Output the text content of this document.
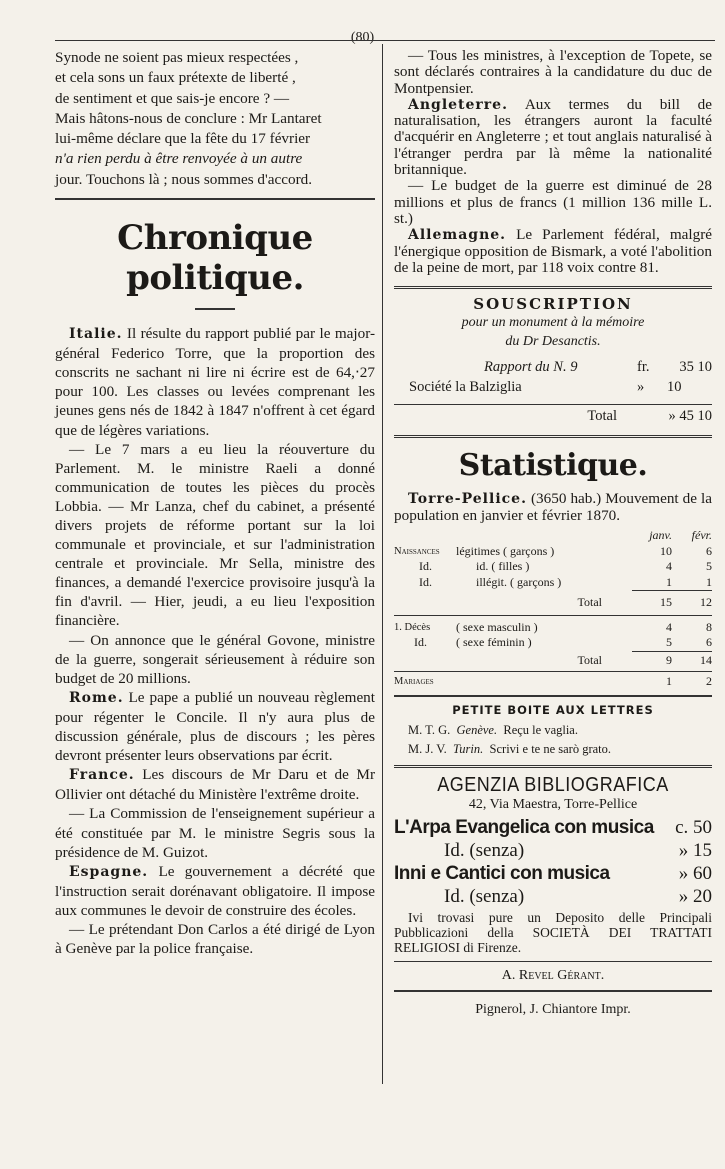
(80)
Synode ne soient pas mieux respectées ,
et cela sons un faux prétexte de liberté ,
de sentiment et que sais-je encore ? —
Mais hâtons-nous de conclure : Mr Lantaret
lui-même déclare que la fête du 17 février
n'a rien perdu à être renvoyée à un autre
jour. Touchons là ; nous sommes d'accord.
Chronique politique.

Italie. Il résulte du rapport publié par le major-général Federico Torre, que la proportion des conscrits ne sachant ni lire ni écrire est de 64,‧27 pour 100. Les classes ou levées comprenant les jeunes gens nés de 1842 à 1847 n'offrent à cet égard que de légères variations.

— Le 7 mars a eu lieu la réouverture du Parlement. M. le ministre Raeli a donné communication de toutes les pièces du procès Lobbia. — Mr Lanza, chef du cabinet, a présenté divers projets de réforme portant sur la loi communale et provinciale, et sur l'administration centrale et provinciale. Mr Sella, ministre des finances, a demandé l'exercice provisoire jusqu'à la fin d'avril. — Hier, jeudi, a eu lieu l'exposition financière.

— On annonce que le général Govone, ministre de la guerre, songerait sérieusement à réduire son budget de 20 millions.

Rome. Le pape a publié un nouveau règlement pour régenter le Concile. Il n'y aura plus de discussion générale, plus de discours ; les pères devront présenter leurs observations par écrit.

France. Les discours de Mr Daru et de Mr Ollivier ont détaché du Ministère l'extrême droite.

— La Commission de l'enseignement supérieur a été constituée par M. le ministre Segris sous la présidence de M. Guizot.

Espagne. Le gouvernement a décrété que l'instruction serait dorénavant obligatoire. Il impose aux communes le devoir de construire des écoles.

— Le prétendant Don Carlos a été dirigé de Lyon à Genève par la police française.

— Tous les ministres, à l'exception de Topete, se sont déclarés contraires à la candidature du duc de Montpensier.

Angleterre. Aux termes du bill de naturalisation, les étrangers auront la faculté d'acquérir en Angleterre ; et tout anglais naturalisé à l'étranger perdra par là même la nationalité britannique.

— Le budget de la guerre est diminué de 28 millions et plus de francs (1 million 136 mille L. st.)

Allemagne. Le Parlement fédéral, malgré l'énergique opposition de Bismark, a voté l'abolition de la peine de mort, par 118 voix contre 81.

SOUSCRIPTION
pour un monument à la mémoire
du Dr Desanctis.
Rapport du N. 9	fr.	35 10
Société la Balziglia	»	10

Total	» 45 10	
Statistique.

Torre-Pellice. (3650 hab.) Mouvement de la population en janvier et février 1870.

		janv.	févr.
Naissances	légitimes ( garçons )	10	6
Id.	id. ( filles )	4	5
Id.	illégit. ( garçons )	1	1
	Total	15	12

1. Décès	( sexe masculin )	4	8
Id.	( sexe féminin )	5	6
	Total	9	14

Mariages		1	2
PETITE BOITE AUX LETTRES
M. T. G. Genève. Reçu le vaglia.
M. J. V. Turin. Scrivi e te ne sarò grato.
AGENZIA BIBLIOGRAFICA
42, Via Maestra, Torre-Pellice
L'Arpa Evangelica con musica c. 50
Id. (senza)	» 15
Inni e Cantici con musica	» 60
Id. (senza)	» 20

Ivi trovasi pure un Deposito delle Principali Pubblicazioni della SOCIETÀ DEI TRATTATI RELIGIOSI di Firenze.

A. Revel Gérant.
Pignerol, J. Chiantore Impr.
